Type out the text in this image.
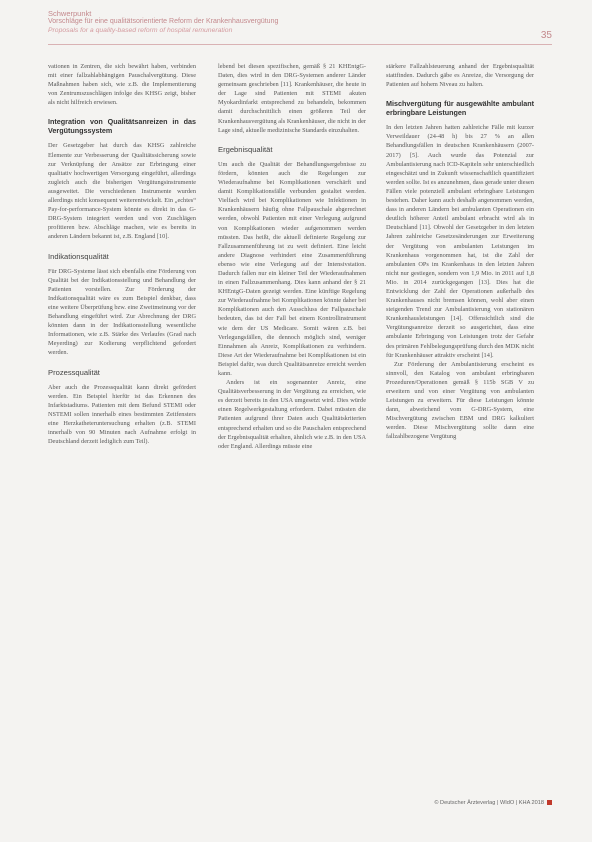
Schwerpunkt
Vorschläge für eine qualitätsorientierte Reform der Krankenhausvergütung
Proposals for a quality-based reform of hospital remuneration	35

vationen in Zentren, die sich bewährt haben, verbinden mit einer fallzahlabhängigen Pauschalvergütung. Diese Maßnahmen haben sich, wie z.B. die Implementierung von Zentrumszuschlägen infolge des KHSG zeigt, bisher als nicht hilfreich erwiesen.

Integration von Qualitätsanreizen in das Vergütungssystem

Der Gesetzgeber hat durch das KHSG zahlreiche Elemente zur Verbesserung der Qualitätssicherung sowie zur Verknüpfung der Ansätze zur Erbringung einer qualitativ hochwertigen Versorgung eingeführt, allerdings zugleich auch die bisherigen Vergütungsinstrumente ausgeweitet. Die verschiedenen Instrumente wurden allerdings nicht konsequent weiterentwickelt. Ein „echtes“ Pay-for-performance-System könnte es direkt in das G-DRG-System integriert werden und von Zuschlägen profitieren bzw. Abschläge machen, wie es bereits in anderen Ländern bekannt ist, z.B. England [10].

Indikationsqualität

Für DRG-Systeme lässt sich ebenfalls eine Förderung von Qualität bei der Indikationsstellung und Behandlung der Patienten vorstellen. Zur Förderung der Indikationsqualität wäre es zum Beispiel denkbar, dass eine weitere Überprüfung bzw. eine Zweitmeinung vor der Behandlung eingeführt wird. Zur Abrechnung der DRG könnten dann in der Indikationsstellung wesentliche Informationen, wie z.B. Stärke des Verlaufes (Grad nach Meyerding) zur Kodierung verpflichtend gefordert werden.

Prozessqualität

Aber auch die Prozessqualität kann direkt gefördert werden. Ein Beispiel hierfür ist das Erkennen des Infarktstadiums. Patienten mit dem Befund STEMI oder NSTEMI sollen innerhalb eines bestimmten Zeitfensters eine Herzkatheteruntersuchung erhalten (z.B. STEMI innerhalb von 90 Minuten nach Aufnahme erfolgt in Deutschland derzeit lediglich zum Teil).

lebend bei diesen spezifischen, gemäß § 21 KHEntgG-Daten, dies wird in den DRG-Systemen anderer Länder gemeinsam geschrieben [11]. Krankenhäuser, die heute in der Lage sind Patienten mit STEMI akuten Myokardinfarkt entsprechend zu behandeln, bekommen damit durchschnittlich einen größeren Teil der Krankenhausvergütung als Krankenhäuser, die nicht in der Lage sind, aktuelle medizinische Standards einzuhalten.

Ergebnisqualität

Um auch die Qualität der Behandlungsergebnisse zu fördern, könnten auch die Regelungen zur Wiederaufnahme bei Komplikationen verschärft und damit Komplikationsfälle verbunden gestaltet werden. Vielfach wird bei Komplikationen wie Infektionen in Krankenhäusern häufig ohne Fallpauschale abgerechnet werden, obwohl Patienten mit einer Verlegung aufgrund von Komplikationen wieder aufgenommen werden müssten. Das heißt, die aktuell definierte Regelung zur Fallzusammenführung ist zu weit definiert. Eine leicht andere Diagnose verhindert eine Zusammenführung ebenso wie eine Verlegung auf der Intensivstation. Dadurch fallen nur ein kleiner Teil der Wiederaufnahmen in einen Fallzusammenhang. Dies kann anhand der § 21 KHEntgG-Daten gezeigt werden. Eine künftige Regelung zur Wiederaufnahme bei Komplikationen könnte daher bei Komplikationen auch den Ausschluss der Fallpauschale bedeuten, das ist der Fall bei einem Kontrollinstrument wie dem der US Medicare. Somit wären z.B. bei Verlegungsfällen, die dennoch möglich sind, weniger Einnahmen als Anreiz, Komplikationen zu verhindern. Diese Art der Wiederaufnahme bei Komplikationen ist ein Beispiel dafür, was durch Qualitätsanreize erreicht werden kann.

Anders ist ein sogenannter Anreiz, eine Qualitätsverbesserung in der Vergütung zu erreichen, wie es derzeit bereits in den USA umgesetzt wird. Dies würde einen Regelwerkgestaltung erfordern. Dabei müssten die Patienten aufgrund ihrer Daten auch Qualitätskriterien entsprechend erhalten und so die Pauschalen entsprechend der Ergebnisqualität erhalten, ähnlich wie z.B. in den USA oder England. Allerdings müsste eine

stärkere Fallzahlsteuerung anhand der Ergebnisqualität stattfinden. Dadurch gäbe es Anreize, die Versorgung der Patienten auf hohem Niveau zu halten.

Mischvergütung für ausgewählte ambulant erbringbare Leistungen

In den letzten Jahren hatten zahlreiche Fälle mit kurzer Verweildauer (24-48 h) bis 27 % an allen Behandlungsfällen in deutschen Krankenhäusern (2007-2017) [5]. Auch wurde das Potenzial zur Ambulantisierung nach ICD-Kapiteln sehr unterschiedlich eingeschätzt und in Zukunft wissenschaftlich quantifiziert werden sollte. Ist es anzunehmen, dass gerade unter diesen Fällen viele potenziell ambulant erbringbare Leistungen bestehen. Daher kann auch deshalb angenommen werden, dass in anderen Ländern bei ambulanten Operationen ein deutlich höherer Anteil ambulant erbracht wird als in Deutschland [11]. Obwohl der Gesetzgeber in den letzten Jahren zahlreiche Gesetzesänderungen zur Erweiterung der Vergütung von ambulanten Leistungen im Krankenhaus vorgenommen hat, ist die Zahl der ambulanten OPs im Krankenhaus in den letzten Jahren nicht nur gestiegen, sondern von 1,9 Mio. in 2011 auf 1,8 Mio. in 2014 zurückgegangen [13]. Dies hat die Entwicklung der Zahl der Operationen außerhalb des Krankenhauses nicht bremsen können, wohl aber einen steigenden Trend zur Ambulantisierung von stationären Krankenhausleistungen [14]. Offensichtlich sind die Vergütungsanreize derzeit so ausgerichtet, dass eine ambulante Erbringung von Leistungen trotz der Gefahr des primären Fehlbelegungsprüfung durch den MDK nicht für Krankenhäuser attraktiv erscheint [14].

Zur Förderung der Ambulantisierung erscheint es sinnvoll, den Katalog von ambulant erbringbaren Prozeduren/Operationen gemäß § 115b SGB V zu erweitern und von einer Vergütung von ambulanten Leistungen zu erweitern. Für diese Leistungen könnte dann, abweichend vom G-DRG-System, eine Mischvergütung zwischen EBM und DRG kalkuliert werden. Diese Mischvergütung sollte dann eine fallzahlbezogene Vergütung

© Deutscher Ärzteverlag | WIdO | KHA 2018
